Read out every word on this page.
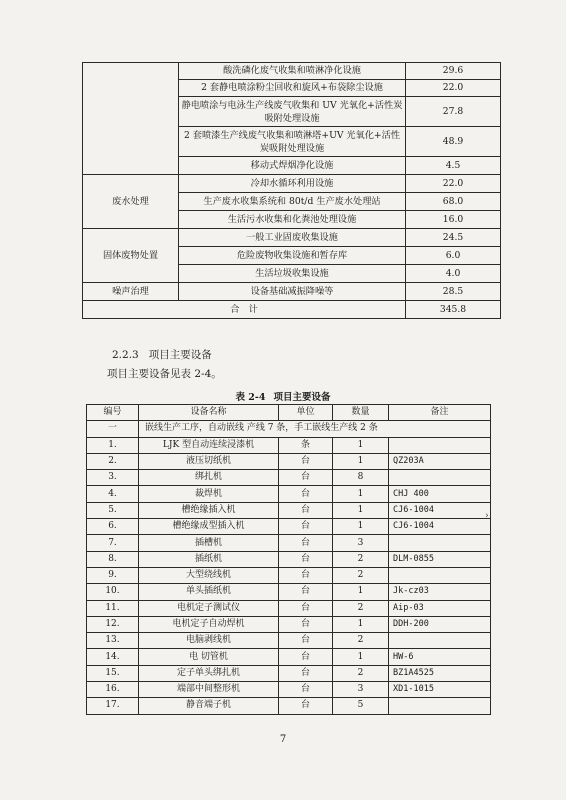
	酸洗磷化废气收集和喷淋净化设施	29.6
	2 套静电喷涂粉尘回收和旋风+布袋除尘设施	22.0
	静电喷涂与电泳生产线废气收集和 UV 光氧化+活性炭吸附处理设施	27.8
	2 套喷漆生产线废气收集和喷淋塔+UV 光氧化+活性炭吸附处理设施	48.9
	移动式焊烟净化设施	4.5
废水处理	冷却水循环利用设施	22.0
	生产废水收集系统和 80t/d 生产废水处理站	68.0
	生活污水收集和化粪池处理设施	16.0
固体废物处置	一般工业固废收集设施	24.5
	危险废物收集设施和暂存库	6.0
	生活垃圾收集设施	4.0
噪声治理	设备基础减振降噪等	28.5
合　计		345.8
2.2.3 项目主要设备
项目主要设备见表 2-4。
表 2-4 项目主要设备
编号	设备名称	单位	数量	备注
一	嵌线生产工序，自动嵌线 产线 7 条，手工嵌线生产线 2 条			
1.	LJK 型自动连续浸漆机	条	1	
2.	液压切纸机	台	1	QZ203A
3.	绑扎机	台	8	
4.	裁焊机	台	1	CHJ 400
5.	槽绝缘插入机	台	1	CJ6-1004
6.	槽绝缘成型插入机	台	1	CJ6-1004
7.	插槽机	台	3	
8.	插纸机	台	2	DLM-0855
9.	大型绕线机	台	2	
10.	单头插纸机	台	1	Jk-cz03
11.	电机定子测试仪	台	2	Aip-03
12.	电机定子自动焊机	台	1	DDH-200
13.	电脑剥线机	台	2	
14.	电 切管机	台	1	HW-6
15.	定子单头绑扎机	台	2	BZ1A4525
16.	端部中间整形机	台	3	XD1-1015
17.	静音端子机	台	5	
›
7
